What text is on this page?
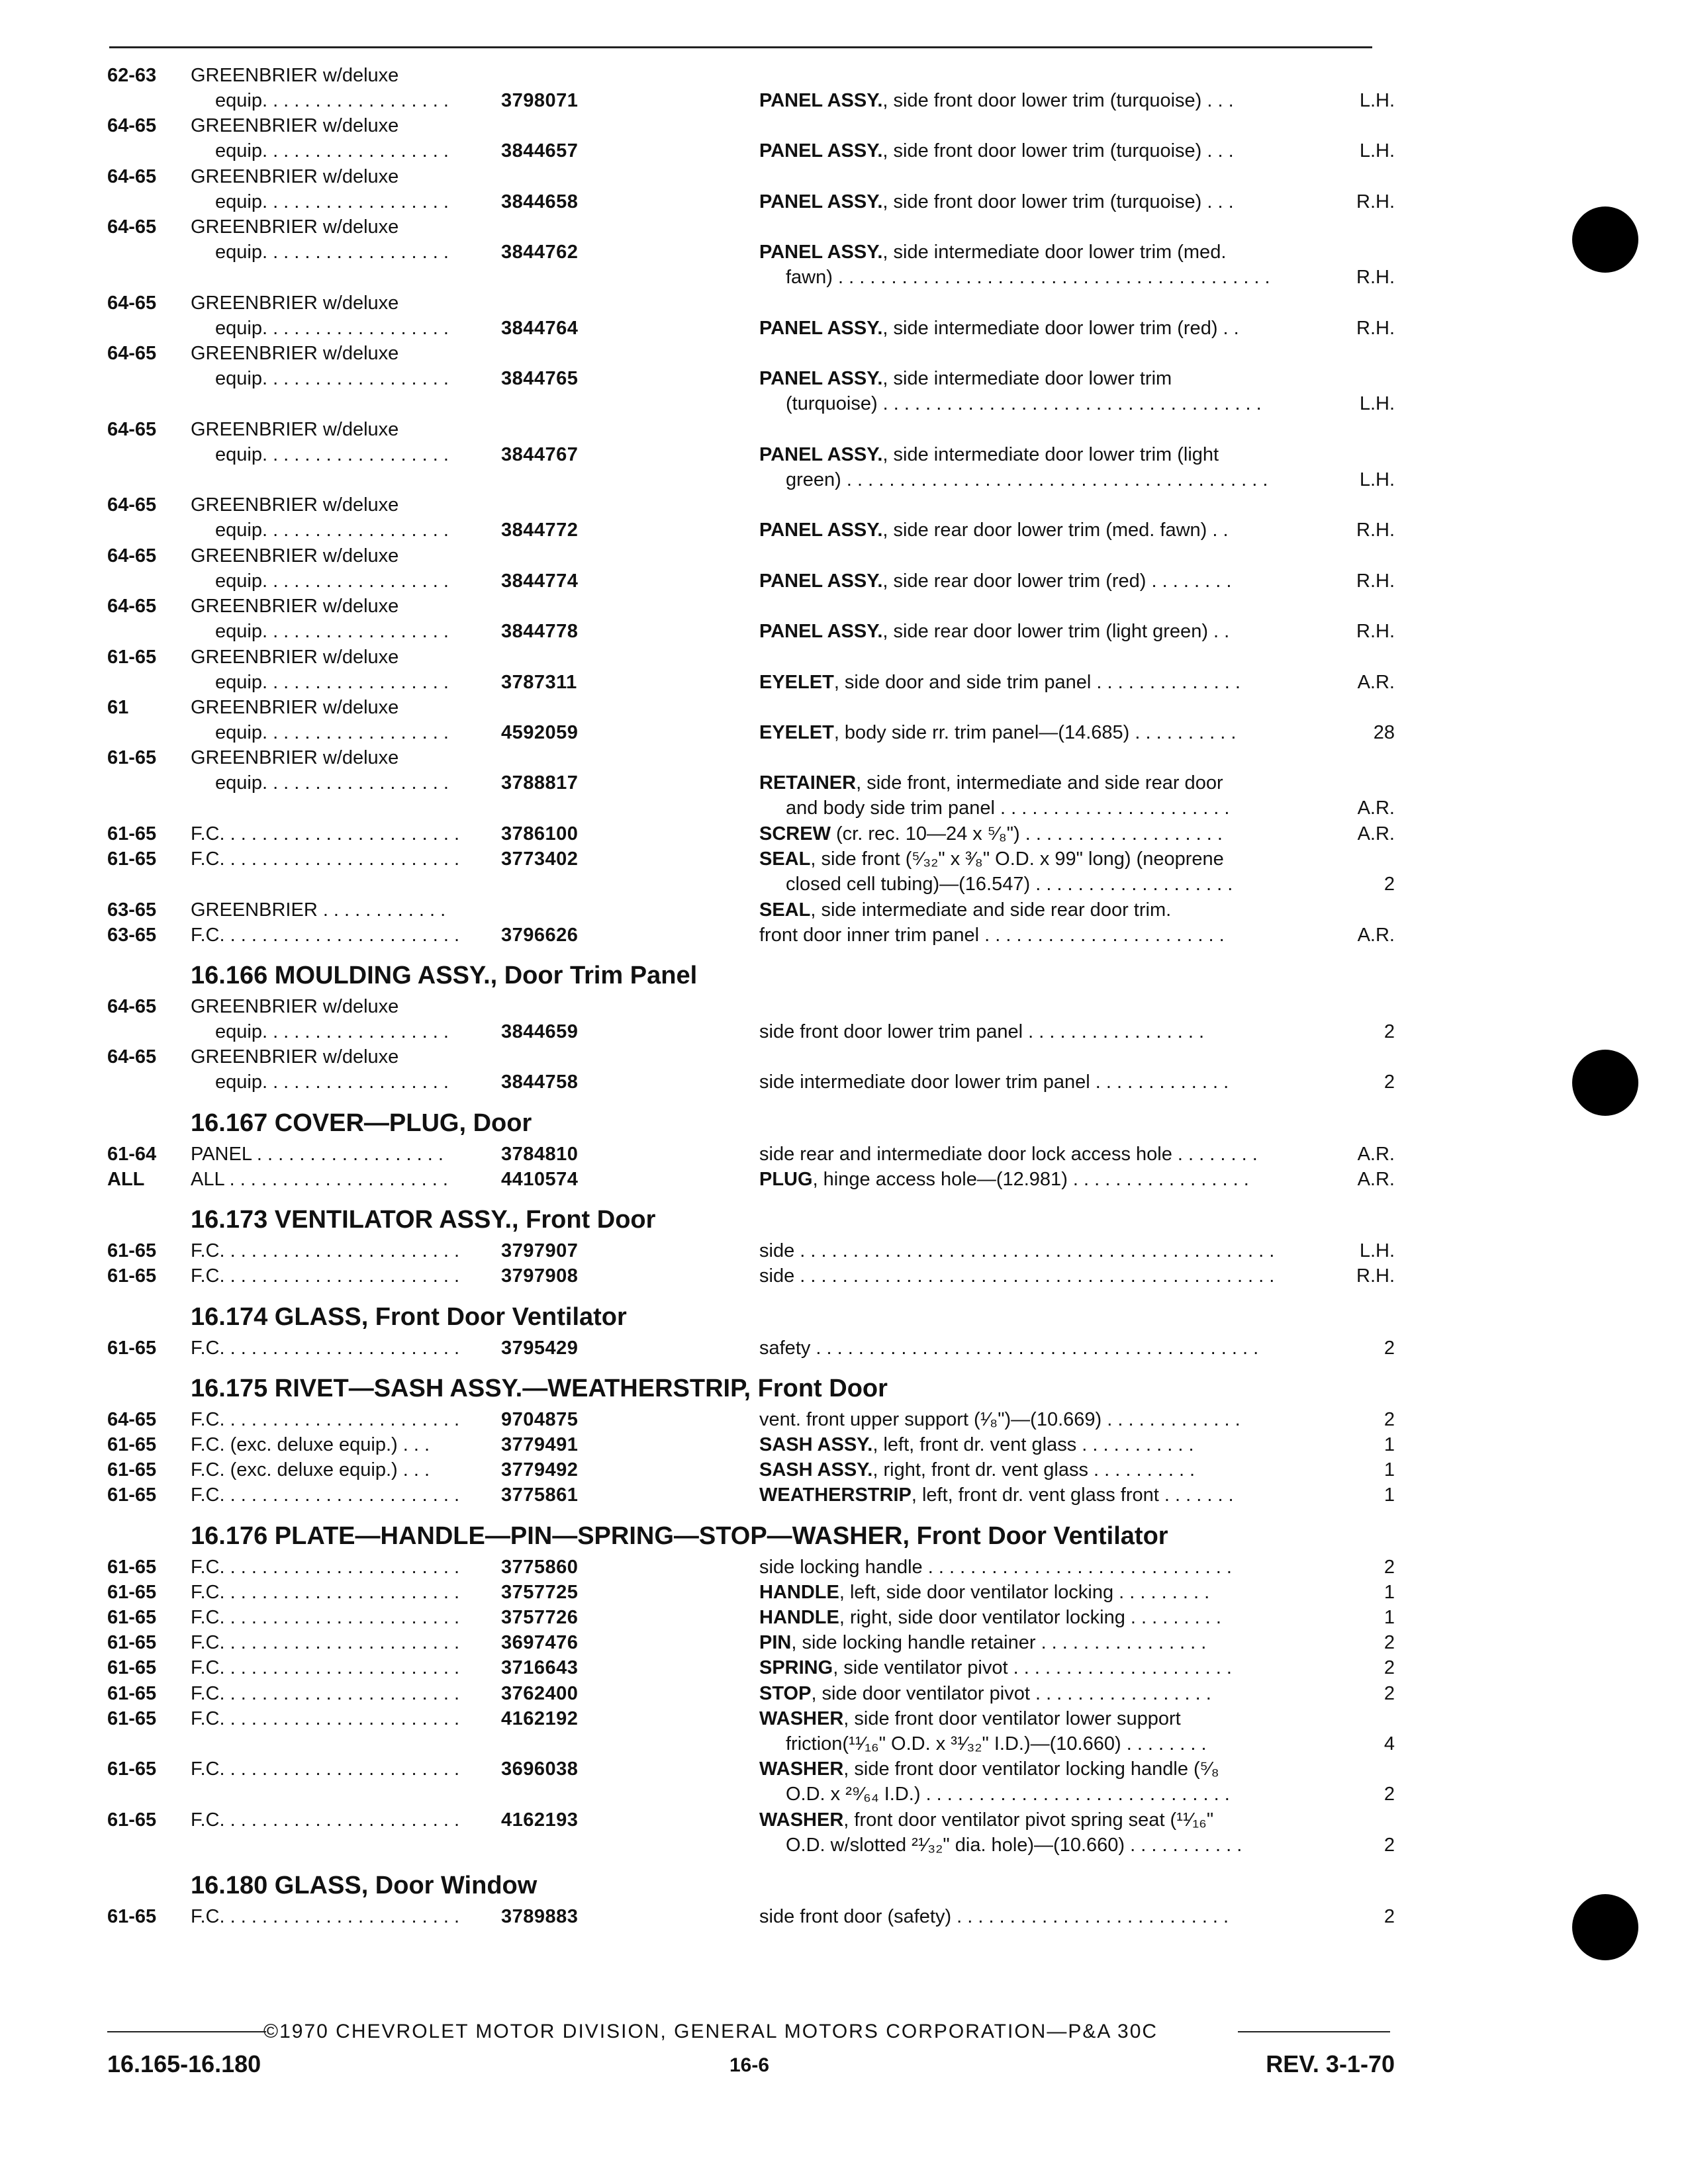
62-63 GREENBRIER w/deluxe
equip. . . . . . . . . . . . . . . . . .	3798071	PANEL ASSY., side front door lower trim (turquoise) . . .	L.H.
64-65 GREENBRIER w/deluxe
equip. . . . . . . . . . . . . . . . . .	3844657	PANEL ASSY., side front door lower trim (turquoise) . . .	L.H.
64-65 GREENBRIER w/deluxe
equip. . . . . . . . . . . . . . . . . .	3844658	PANEL ASSY., side front door lower trim (turquoise) . . .	R.H.
64-65 GREENBRIER w/deluxe
equip. . . . . . . . . . . . . . . . . .	3844762	PANEL ASSY., side intermediate door lower trim (med.
fawn) . . . . . . . . . . . . . . . . . . . . . . . . . . . . . . . . . . . . . . . . .	R.H.
64-65 GREENBRIER w/deluxe
equip. . . . . . . . . . . . . . . . . .	3844764	PANEL ASSY., side intermediate door lower trim (red) . .	R.H.
64-65 GREENBRIER w/deluxe
equip. . . . . . . . . . . . . . . . . .	3844765	PANEL ASSY., side intermediate door lower trim
(turquoise) . . . . . . . . . . . . . . . . . . . . . . . . . . . . . . . . . . . .	L.H.
64-65 GREENBRIER w/deluxe
equip. . . . . . . . . . . . . . . . . .	3844767	PANEL ASSY., side intermediate door lower trim (light
green) . . . . . . . . . . . . . . . . . . . . . . . . . . . . . . . . . . . . . . . .	L.H.
64-65 GREENBRIER w/deluxe
equip. . . . . . . . . . . . . . . . . .	3844772	PANEL ASSY., side rear door lower trim (med. fawn) . .	R.H.
64-65 GREENBRIER w/deluxe
equip. . . . . . . . . . . . . . . . . .	3844774	PANEL ASSY., side rear door lower trim (red) . . . . . . . .	R.H.
64-65 GREENBRIER w/deluxe
equip. . . . . . . . . . . . . . . . . .	3844778	PANEL ASSY., side rear door lower trim (light green) . .	R.H.
61-65 GREENBRIER w/deluxe
equip. . . . . . . . . . . . . . . . . .	3787311	EYELET, side door and side trim panel . . . . . . . . . . . . . .	A.R.
61	GREENBRIER w/deluxe
equip. . . . . . . . . . . . . . . . . .	4592059	EYELET, body side rr. trim panel—(14.685) . . . . . . . . . .	28
61-65 GREENBRIER w/deluxe
equip. . . . . . . . . . . . . . . . . .	3788817	RETAINER, side front, intermediate and side rear door
and body side trim panel . . . . . . . . . . . . . . . . . . . . . .	A.R.
61-65 F.C. . . . . . . . . . . . . . . . . . . . . . . 3786100	SCREW (cr. rec. 10—24 x ⁵⁄₈") . . . . . . . . . . . . . . . . . . .	A.R.
61-65 F.C. . . . . . . . . . . . . . . . . . . . . . . 3773402	SEAL, side front (⁵⁄₃₂" x ³⁄₈" O.D. x 99" long) (neoprene
closed cell tubing)—(16.547) . . . . . . . . . . . . . . . . . . .	2
63-65 GREENBRIER . . . . . . . . . . . .	SEAL, side intermediate and side rear door trim.
63-65 F.C. . . . . . . . . . . . . . . . . . . . . . . 3796626	front door inner trim panel . . . . . . . . . . . . . . . . . . . . . . .	A.R.
16.166 MOULDING ASSY., Door Trim Panel
64-65 GREENBRIER w/deluxe
equip. . . . . . . . . . . . . . . . . .	3844659	side front door lower trim panel . . . . . . . . . . . . . . . . .	2
64-65 GREENBRIER w/deluxe
equip. . . . . . . . . . . . . . . . . .	3844758	side intermediate door lower trim panel . . . . . . . . . . . . .	2
16.167 COVER—PLUG, Door
61-64 PANEL . . . . . . . . . . . . . . . . . .	3784810	side rear and intermediate door lock access hole . . . . . . . .	A.R.
ALL ALL . . . . . . . . . . . . . . . . . . . . .	4410574	PLUG, hinge access hole—(12.981) . . . . . . . . . . . . . . . . .	A.R.
16.173 VENTILATOR ASSY., Front Door
61-65 F.C. . . . . . . . . . . . . . . . . . . . . . . 3797907	side . . . . . . . . . . . . . . . . . . . . . . . . . . . . . . . . . . . . . . . . . . . . .	L.H.
61-65 F.C. . . . . . . . . . . . . . . . . . . . . . . 3797908	side . . . . . . . . . . . . . . . . . . . . . . . . . . . . . . . . . . . . . . . . . . . . .	R.H.
16.174 GLASS, Front Door Ventilator
61-65 F.C. . . . . . . . . . . . . . . . . . . . . . . 3795429	safety . . . . . . . . . . . . . . . . . . . . . . . . . . . . . . . . . . . . . . . . . .	2
16.175 RIVET—SASH ASSY.—WEATHERSTRIP, Front Door
64-65 F.C. . . . . . . . . . . . . . . . . . . . . . . 9704875	vent. front upper support (¹⁄₈")—(10.669) . . . . . . . . . . . . .	2
61-65 F.C. (exc. deluxe equip.) . . .	3779491	SASH ASSY., left, front dr. vent glass . . . . . . . . . . .	1
61-65 F.C. (exc. deluxe equip.) . . .	3779492	SASH ASSY., right, front dr. vent glass . . . . . . . . . .	1
61-65 F.C. . . . . . . . . . . . . . . . . . . . . . . 3775861	WEATHERSTRIP, left, front dr. vent glass front . . . . . . .	1
16.176 PLATE—HANDLE—PIN—SPRING—STOP—WASHER, Front Door Ventilator
61-65 F.C. . . . . . . . . . . . . . . . . . . . . . . 3775860	side locking handle . . . . . . . . . . . . . . . . . . . . . . . . . . . . .	2
61-65 F.C. . . . . . . . . . . . . . . . . . . . . . . 3757725	HANDLE, left, side door ventilator locking . . . . . . . . .	1
61-65 F.C. . . . . . . . . . . . . . . . . . . . . . . 3757726	HANDLE, right, side door ventilator locking . . . . . . . . .	1
61-65 F.C. . . . . . . . . . . . . . . . . . . . . . . 3697476	PIN, side locking handle retainer . . . . . . . . . . . . . . . .	2
61-65 F.C. . . . . . . . . . . . . . . . . . . . . . . 3716643	SPRING, side ventilator pivot . . . . . . . . . . . . . . . . . . . . .	2
61-65 F.C. . . . . . . . . . . . . . . . . . . . . . . 3762400	STOP, side door ventilator pivot . . . . . . . . . . . . . . . . .	2
61-65 F.C. . . . . . . . . . . . . . . . . . . . . . . 4162192	WASHER, side front door ventilator lower support
friction(¹¹⁄₁₆" O.D. x ³¹⁄₃₂" I.D.)—(10.660) . . . . . . . .	4
61-65 F.C. . . . . . . . . . . . . . . . . . . . . . . 3696038	WASHER, side front door ventilator locking handle (⁵⁄₈
O.D. x ²⁹⁄₆₄ I.D.) . . . . . . . . . . . . . . . . . . . . . . . . . . . . .	2
61-65 F.C. . . . . . . . . . . . . . . . . . . . . . . 4162193	WASHER, front door ventilator pivot spring seat (¹¹⁄₁₆"
O.D. w/slotted ²¹⁄₃₂" dia. hole)—(10.660) . . . . . . . . . . .	2
16.180 GLASS, Door Window
61-65 F.C. . . . . . . . . . . . . . . . . . . . . . . 3789883	side front door (safety) . . . . . . . . . . . . . . . . . . . . . . . . . .	2
©1970 CHEVROLET MOTOR DIVISION, GENERAL MOTORS CORPORATION—P&A 30C
16.165-16.180	16-6	REV. 3-1-70
